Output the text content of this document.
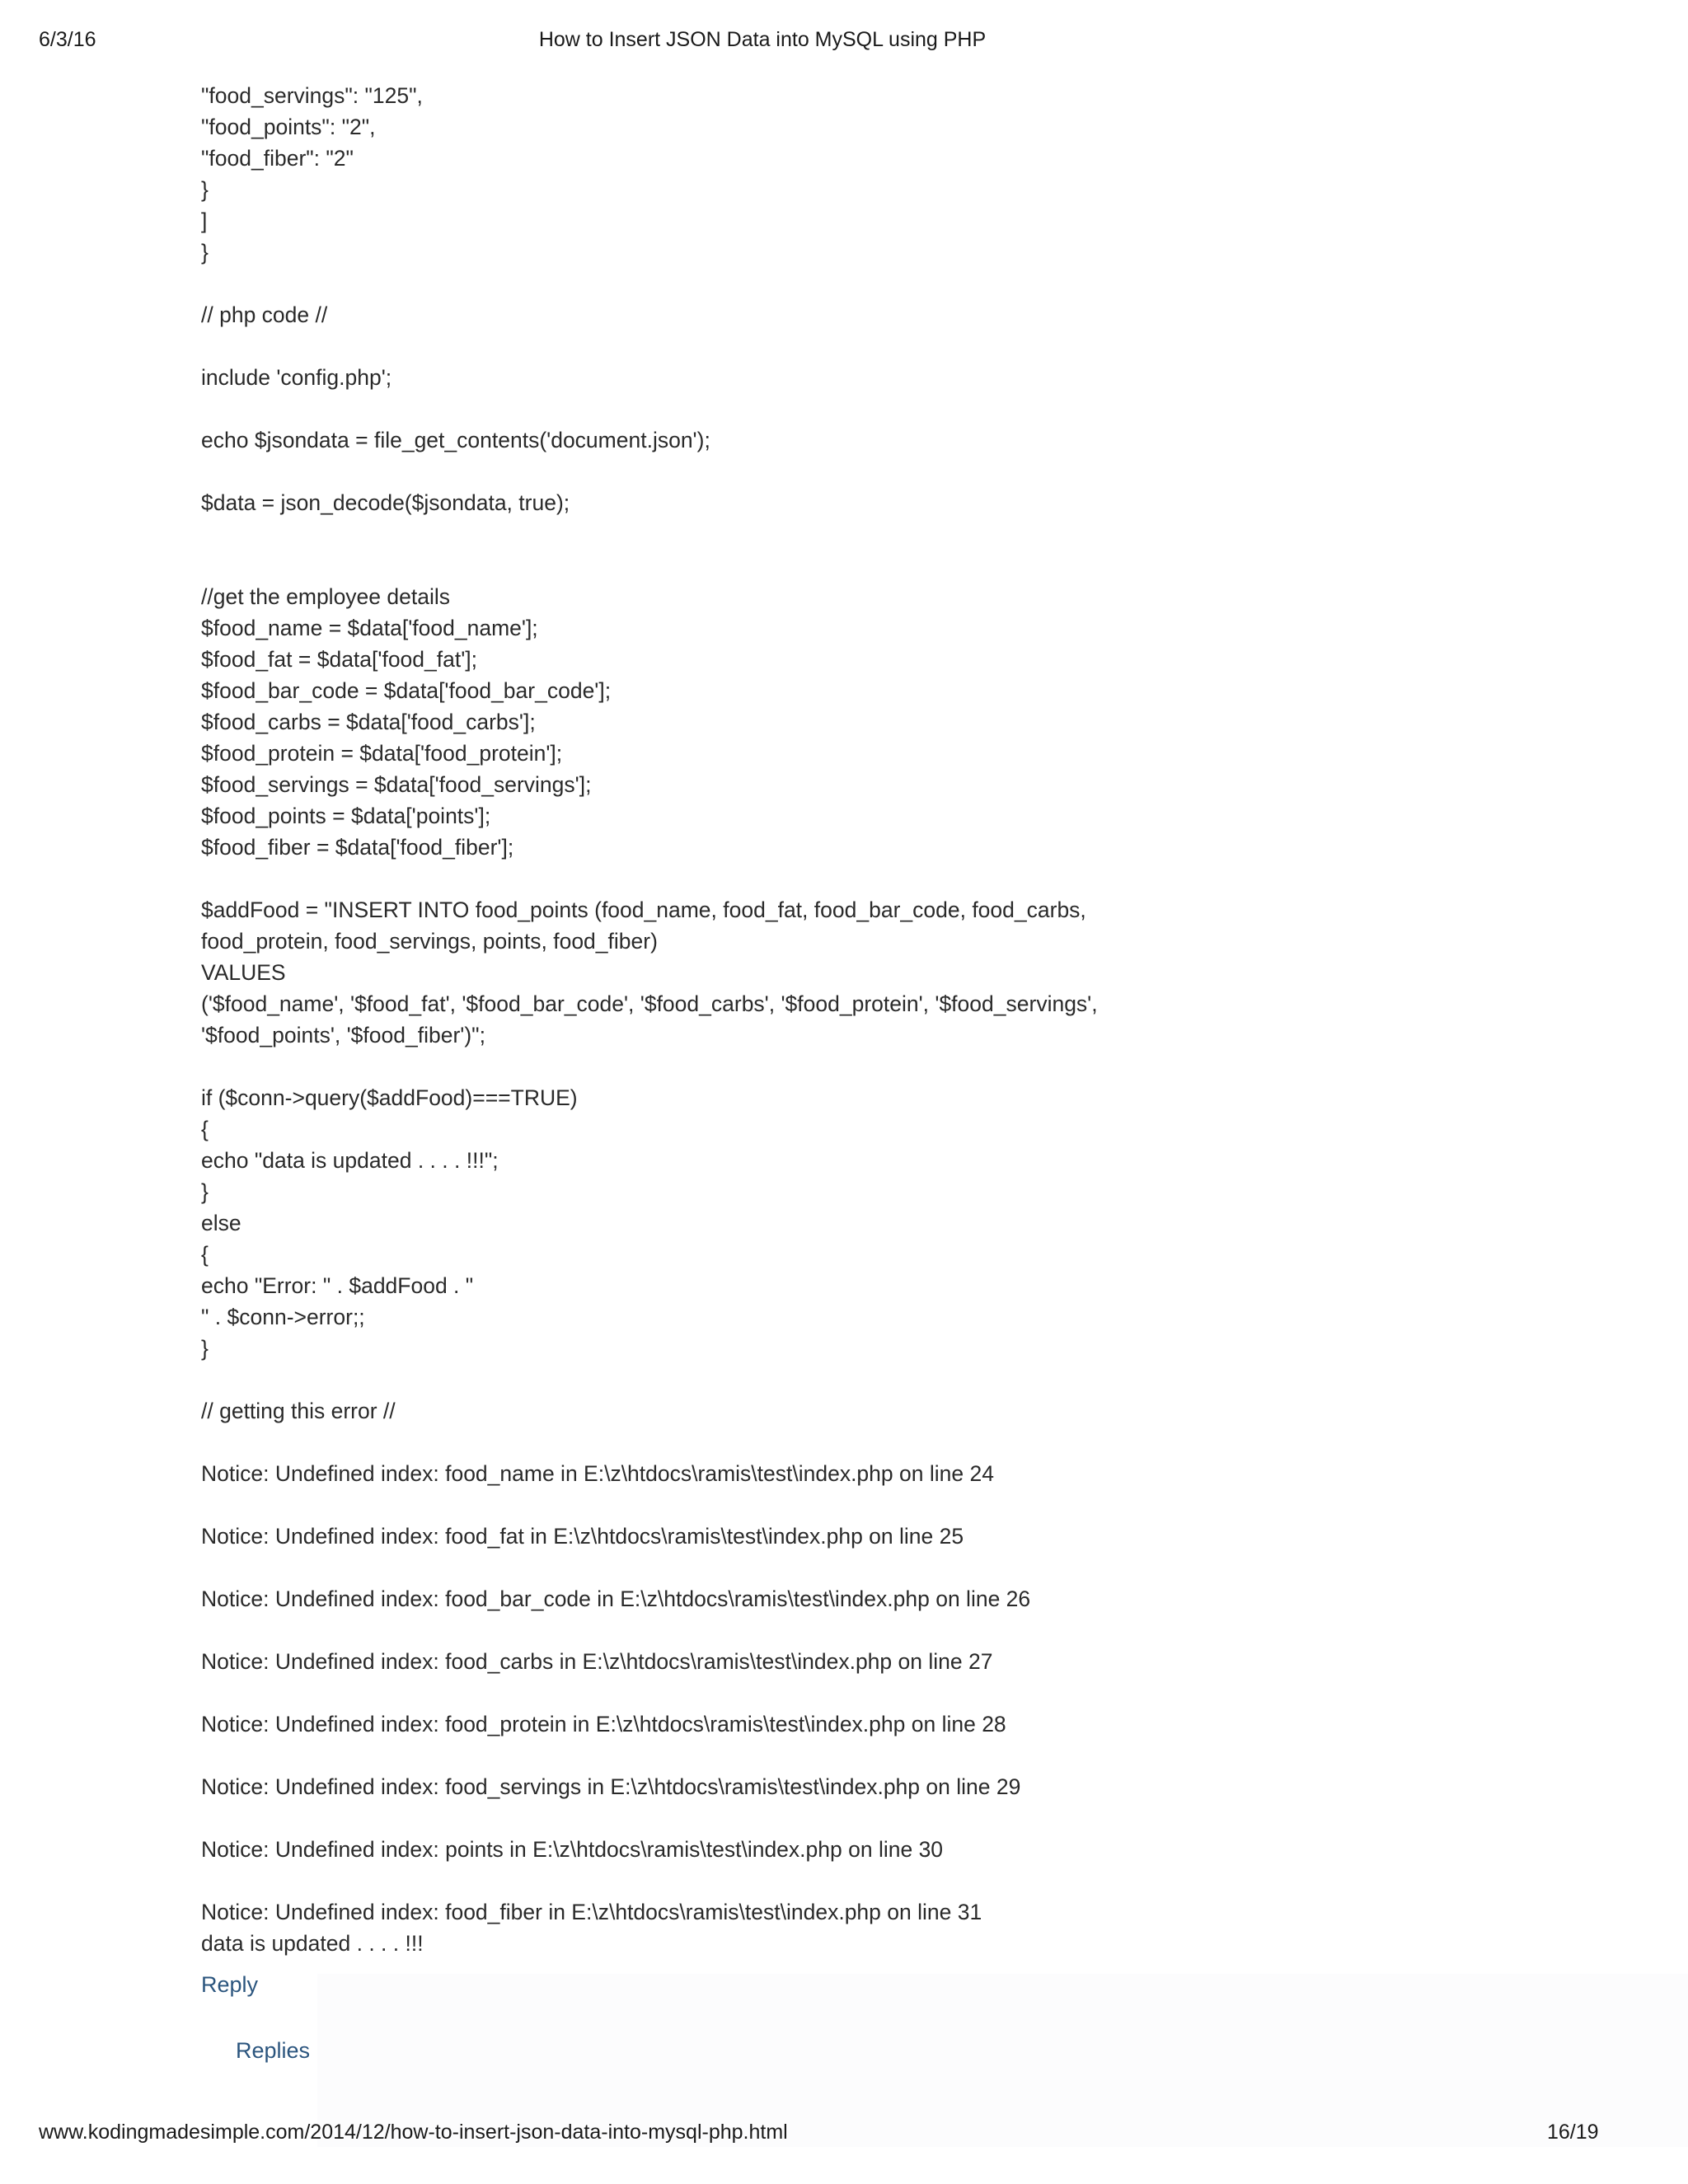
6/3/16	How to Insert JSON Data into MySQL using PHP
"food_servings": "125",
"food_points": "2",
"food_fiber": "2"
}
]
}
// php code //
include 'config.php';
echo $jsondata = file_get_contents('document.json');
$data = json_decode($jsondata, true);
//get the employee details
$food_name = $data['food_name'];
$food_fat = $data['food_fat'];
$food_bar_code = $data['food_bar_code'];
$food_carbs = $data['food_carbs'];
$food_protein = $data['food_protein'];
$food_servings = $data['food_servings'];
$food_points = $data['points'];
$food_fiber = $data['food_fiber'];
$addFood = "INSERT INTO food_points (food_name, food_fat, food_bar_code, food_carbs,
food_protein, food_servings, points, food_fiber)
VALUES
('$food_name', '$food_fat', '$food_bar_code', '$food_carbs', '$food_protein', '$food_servings',
'$food_points', '$food_fiber')";
if ($conn->query($addFood)===TRUE)
{
echo "data is updated . . . . !!!";
}
else
{
echo "Error: " . $addFood . "
" . $conn->error;;
}
// getting this error //
Notice: Undefined index: food_name in E:\z\htdocs\ramis\test\index.php on line 24
Notice: Undefined index: food_fat in E:\z\htdocs\ramis\test\index.php on line 25
Notice: Undefined index: food_bar_code in E:\z\htdocs\ramis\test\index.php on line 26
Notice: Undefined index: food_carbs in E:\z\htdocs\ramis\test\index.php on line 27
Notice: Undefined index: food_protein in E:\z\htdocs\ramis\test\index.php on line 28
Notice: Undefined index: food_servings in E:\z\htdocs\ramis\test\index.php on line 29
Notice: Undefined index: points in E:\z\htdocs\ramis\test\index.php on line 30
Notice: Undefined index: food_fiber in E:\z\htdocs\ramis\test\index.php on line 31
data is updated . . . . !!!
Reply
Replies
www.kodingmadesimple.com/2014/12/how-to-insert-json-data-into-mysql-php.html	16/19
